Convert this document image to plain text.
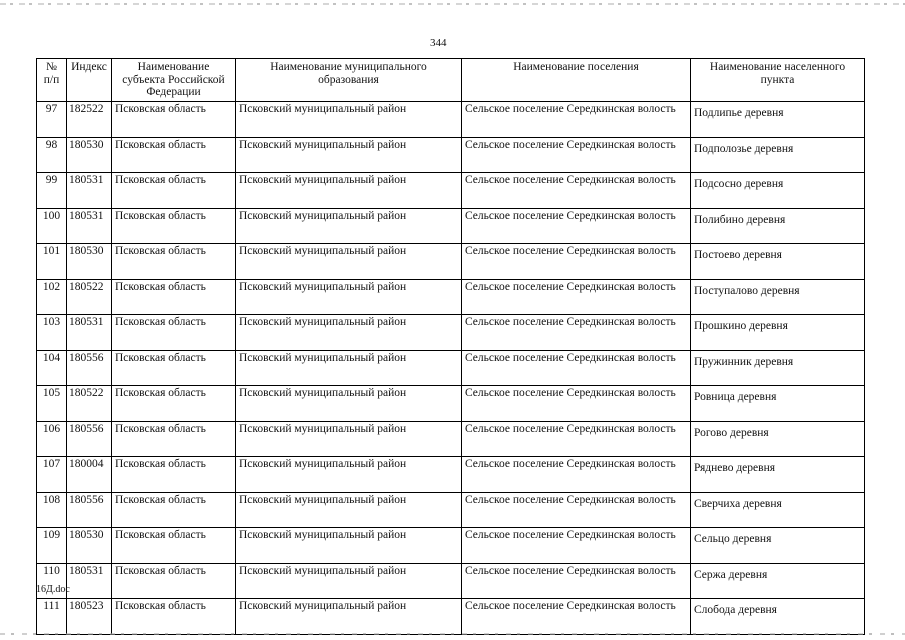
344
№ п/п	Индекс	Наименование субъекта Российской Федерации	Наименование муниципального образования	Наименование поселения	Наименование населенного пункта
97	182522	Псковская область	Псковский муниципальный район	Сельское поселение Середкинская волость	Подлипье деревня
98	180530	Псковская область	Псковский муниципальный район	Сельское поселение Середкинская волость	Подполозье деревня
99	180531	Псковская область	Псковский муниципальный район	Сельское поселение Середкинская волость	Подсосно деревня
100	180531	Псковская область	Псковский муниципальный район	Сельское поселение Середкинская волость	Полибино деревня
101	180530	Псковская область	Псковский муниципальный район	Сельское поселение Середкинская волость	Постоево деревня
102	180522	Псковская область	Псковский муниципальный район	Сельское поселение Середкинская волость	Поступалово деревня
103	180531	Псковская область	Псковский муниципальный район	Сельское поселение Середкинская волость	Прошкино деревня
104	180556	Псковская область	Псковский муниципальный район	Сельское поселение Середкинская волость	Пружинник деревня
105	180522	Псковская область	Псковский муниципальный район	Сельское поселение Середкинская волость	Ровница деревня
106	180556	Псковская область	Псковский муниципальный район	Сельское поселение Середкинская волость	Рогово деревня
107	180004	Псковская область	Псковский муниципальный район	Сельское поселение Середкинская волость	Ряднево деревня
108	180556	Псковская область	Псковский муниципальный район	Сельское поселение Середкинская волость	Сверчиха деревня
109	180530	Псковская область	Псковский муниципальный район	Сельское поселение Середкинская волость	Сельцо деревня
110	180531	Псковская область	Псковский муниципальный район	Сельское поселение Середкинская волость	Сержа деревня
111	180523	Псковская область	Псковский муниципальный район	Сельское поселение Середкинская волость	Слобода деревня
16Д.doc
